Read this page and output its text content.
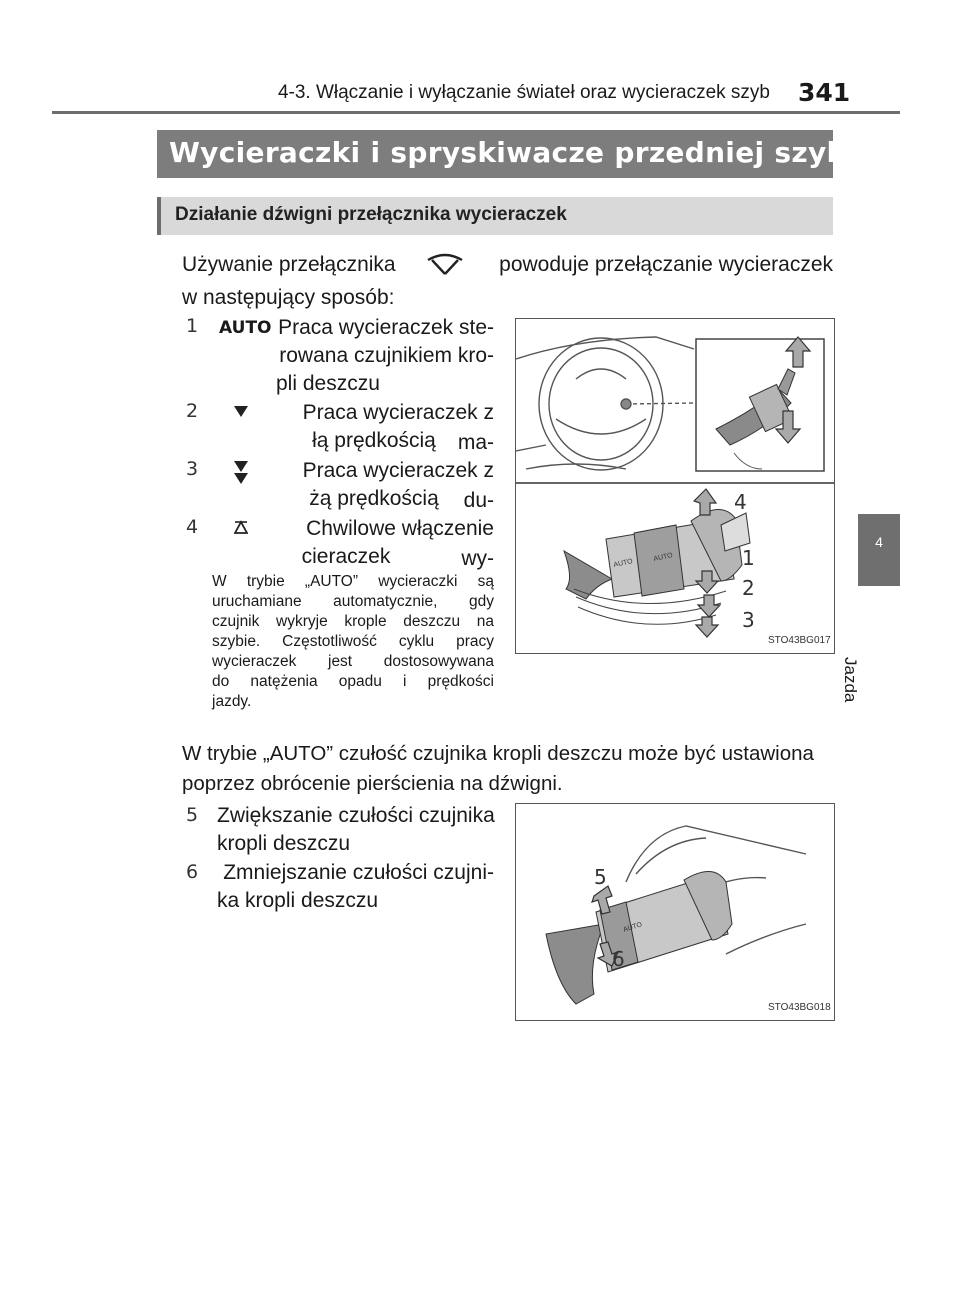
4-3. Włączanie i wyłączanie świateł oraz wycieraczek szyb 341
4
Jazda
Wycieraczki i spryskiwacze przedniej szyby
Działanie dźwigni przełącznika wycieraczek
Używanie przełącznika	powoduje przełączanie wycieraczek
w następujący sposób:
1 AUTO Praca wycieraczek ste-
rowana czujnikiem kro-
pli deszczu
2	Praca wycieraczek z ma-
łą prędkością
3	Praca wycieraczek z du-
żą prędkością
4	Chwilowe włączenie wy-
cieraczek
W trybie „AUTO” wycieraczki są
uruchamiane automatycznie, gdy
czujnik wykryje krople deszczu na
szybie. Częstotliwość cyklu pracy
wycieraczek jest dostosowywana
do natężenia opadu i prędkości
jazdy.
AUTO
AUTO
4
1
2
3
STO43BG017
W trybie „AUTO” czułość czujnika kropli deszczu może być ustawiona
poprzez obrócenie pierścienia na dźwigni.
5 Zwiększanie czułości czujnika
kropli deszczu
6 Zmniejszanie czułości czujni-
ka kropli deszczu
AUTO
5
6
STO43BG018
